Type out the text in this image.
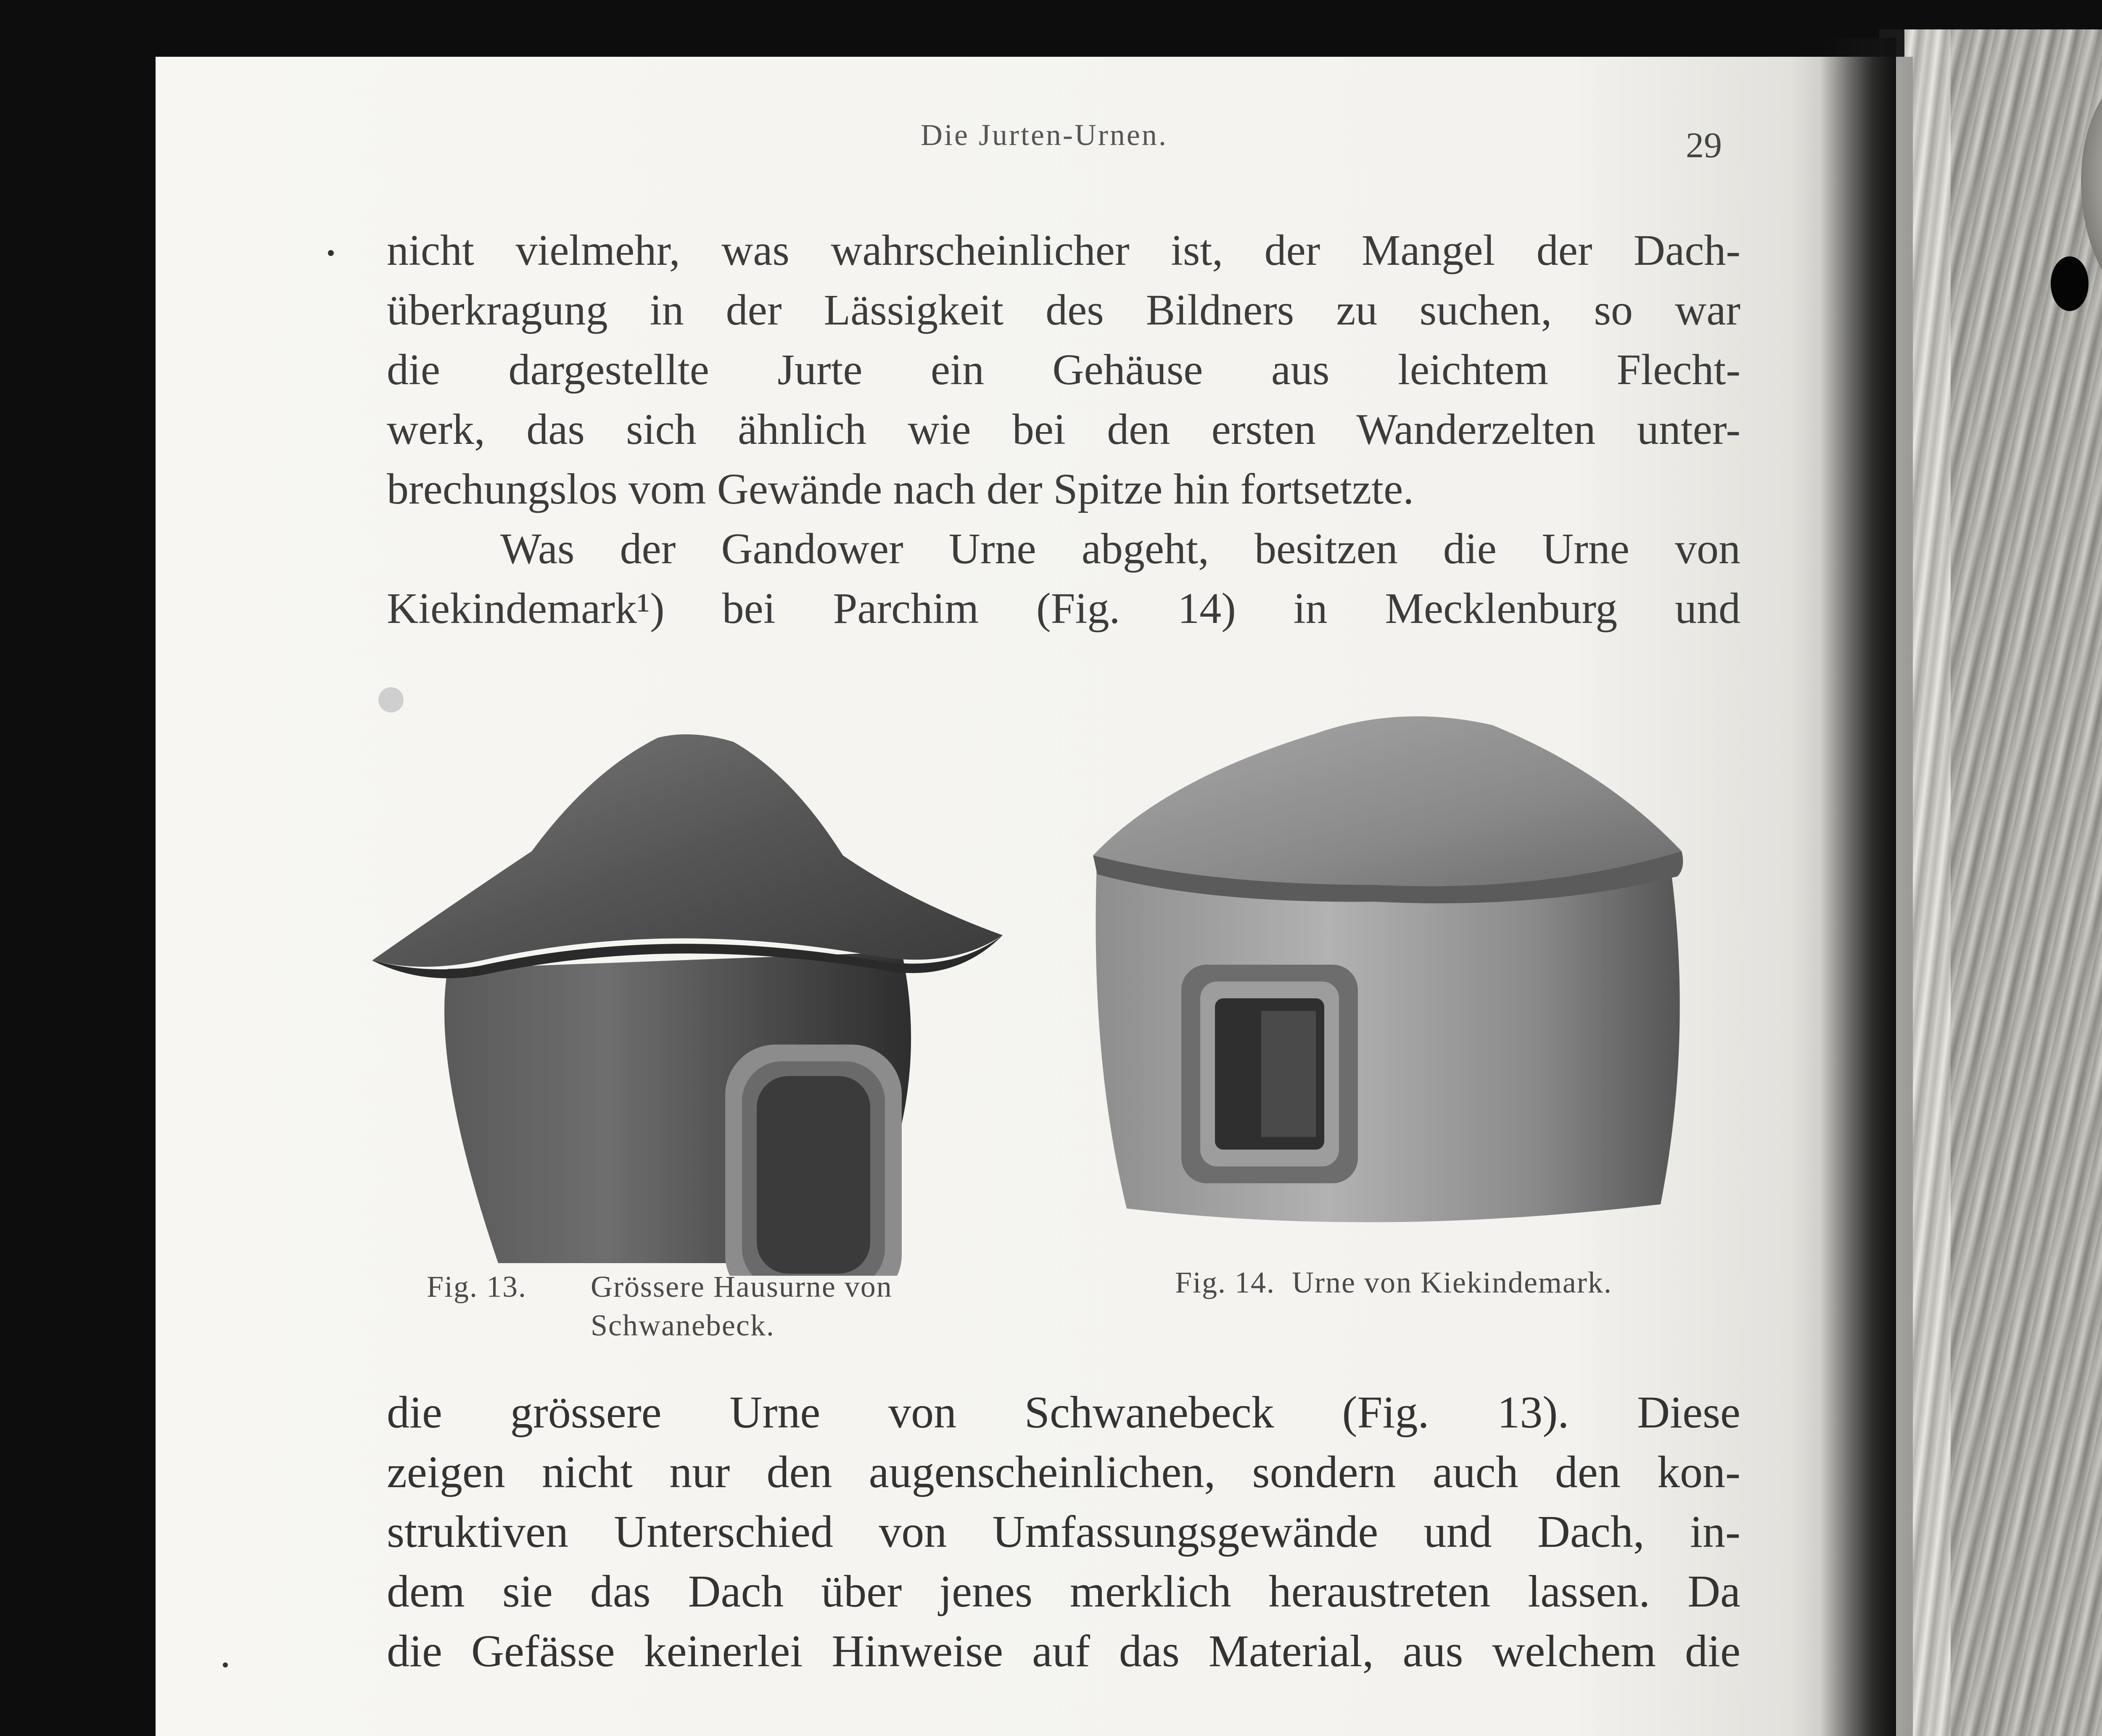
Die Jurten-Urnen.	29
nicht vielmehr, was wahrscheinlicher ist, der Mangel der Dach-
überkragung in der Lässigkeit des Bildners zu suchen, so war
die dargestellte Jurte ein Gehäuse aus leichtem Flecht-
werk, das sich ähnlich wie bei den ersten Wanderzelten unter-
brechungslos vom Gewände nach der Spitze hin fortsetzte.
Was der Gandower Urne abgeht, besitzen die Urne von
Kiekindemark¹) bei Parchim (Fig. 14) in Mecklenburg und
Fig. 13. Grössere Hausurne von
Schwanebeck.
Fig. 14. Urne von Kiekindemark.
die grössere Urne von Schwanebeck (Fig. 13). Diese
zeigen nicht nur den augenscheinlichen, sondern auch den kon-
struktiven Unterschied von Umfassungsgewände und Dach, in-
dem sie das Dach über jenes merklich heraustreten lassen. Da
die Gefässe keinerlei Hinweise auf das Material, aus welchem die
